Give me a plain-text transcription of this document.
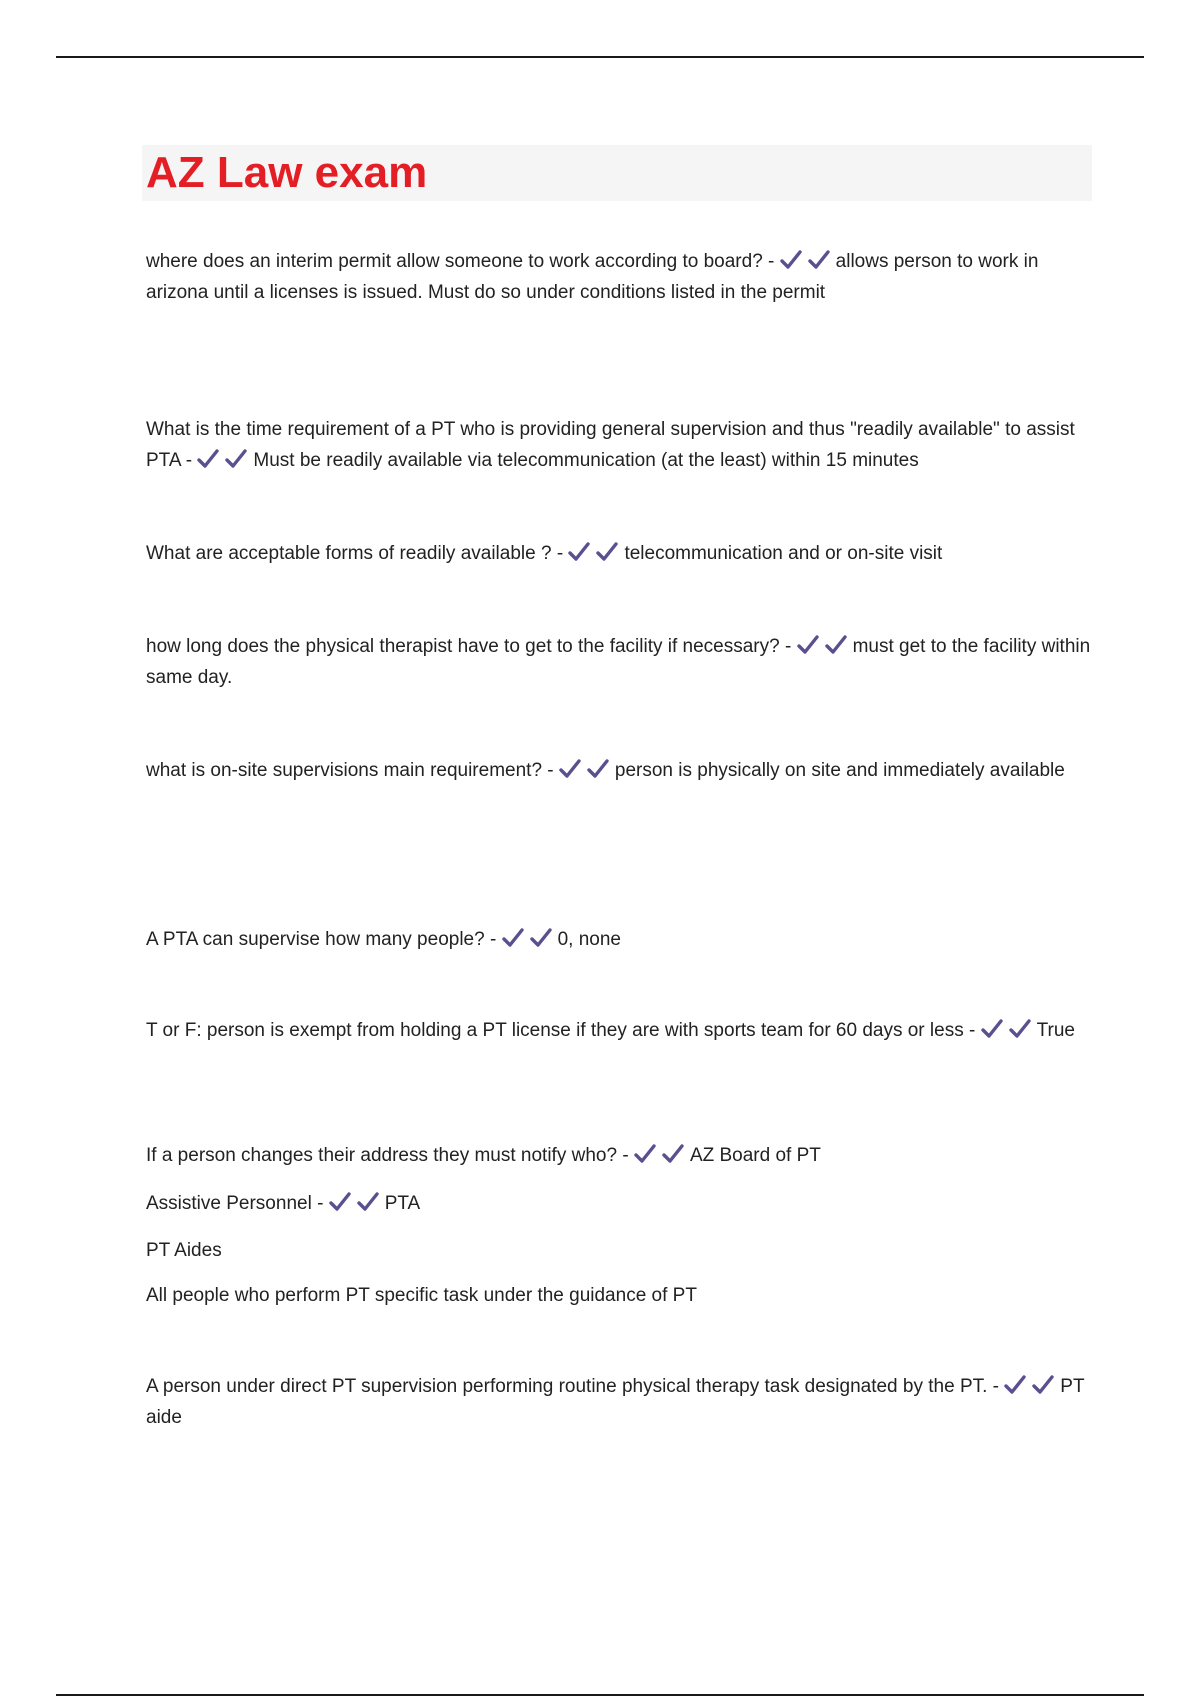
AZ Law exam

where does an interim permit allow someone to work according to board? -	allows person to work in arizona until a licenses is issued. Must do so under conditions listed in the permit

What is the time requirement of a PT who is providing general supervision and thus "readily available" to assist PTA -	Must be readily available via telecommunication (at the least) within 15 minutes

What are acceptable forms of readily available ? -	telecommunication and or on-site visit

how long does the physical therapist have to get to the facility if necessary? -	must get to the facility within same day.

what is on-site supervisions main requirement? -	person is physically on site and immediately available

A PTA can supervise how many people? -	0, none

T or F: person is exempt from holding a PT license if they are with sports team for 60 days or less -	True

If a person changes their address they must notify who? -	AZ Board of PT

Assistive Personnel -	PTA

PT Aides

All people who perform PT specific task under the guidance of PT

A person under direct PT supervision performing routine physical therapy task designated by the PT. -	PT aide
